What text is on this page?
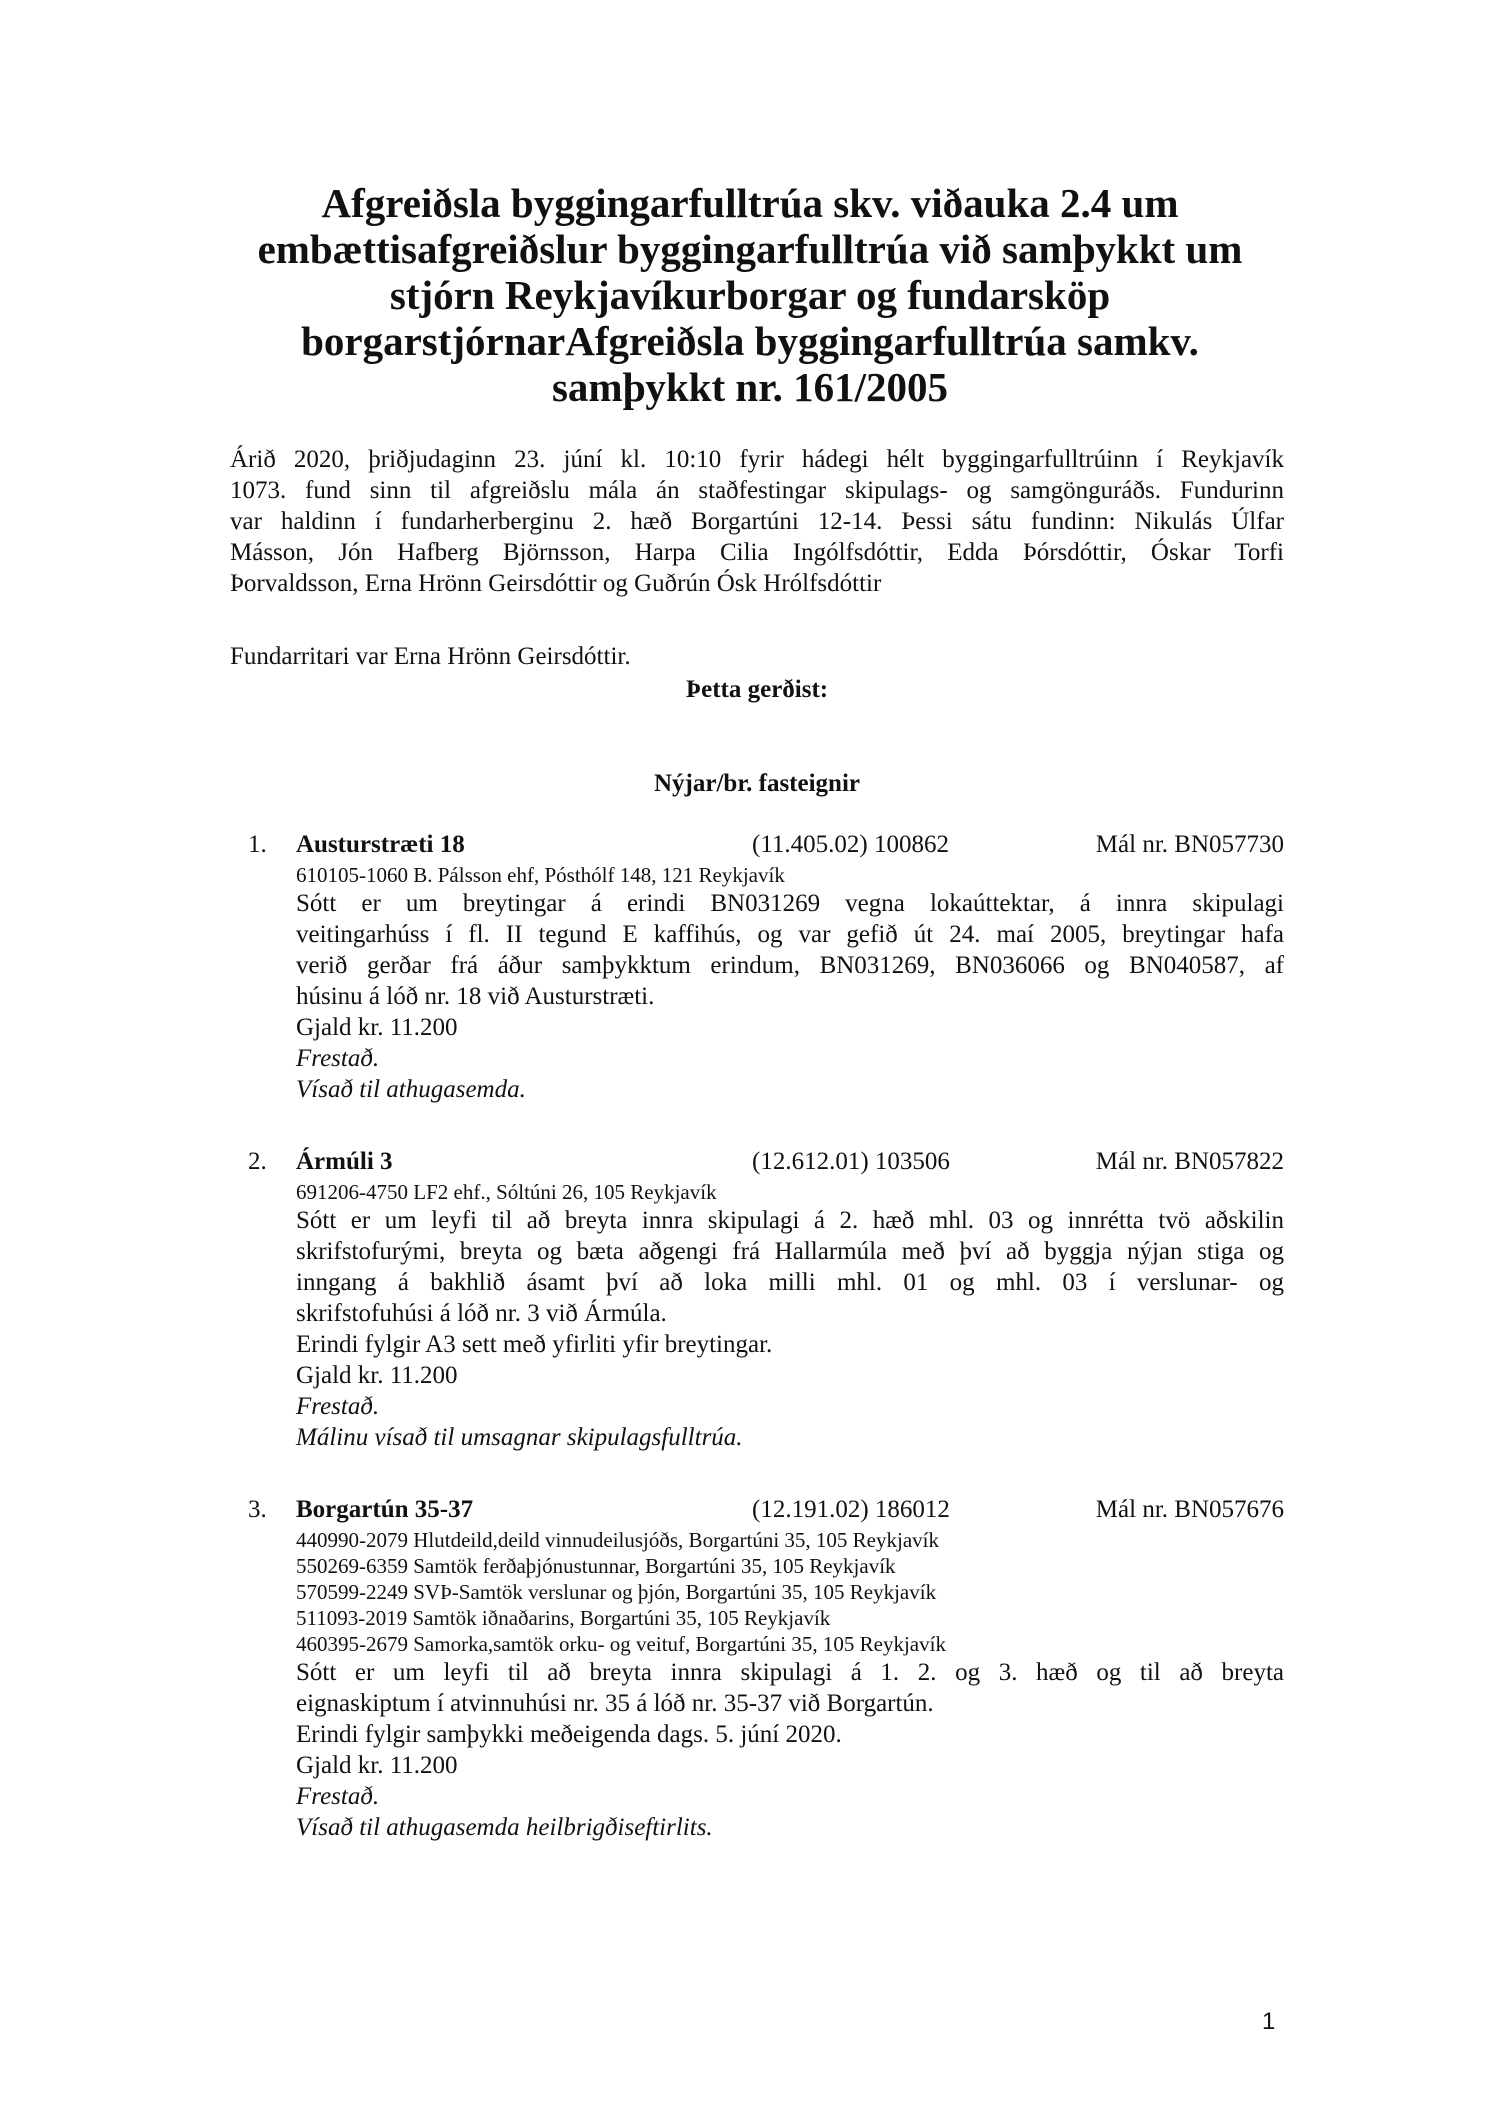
Afgreiðsla byggingarfulltrúa skv. viðauka 2.4 um
embættisafgreiðslur byggingarfulltrúa við samþykkt um
stjórn Reykjavíkurborgar og fundarsköp
borgarstjórnarAfgreiðsla byggingarfulltrúa samkv.
samþykkt nr. 161/2005
Árið 2020, þriðjudaginn 23. júní kl. 10:10 fyrir hádegi hélt byggingarfulltrúinn í Reykjavík
1073. fund sinn til afgreiðslu mála án staðfestingar skipulags- og samgönguráðs. Fundurinn
var haldinn í fundarherberginu 2. hæð Borgartúni 12-14. Þessi sátu fundinn: Nikulás Úlfar
Másson, Jón Hafberg Björnsson, Harpa Cilia Ingólfsdóttir, Edda Þórsdóttir, Óskar Torfi
Þorvaldsson, Erna Hrönn Geirsdóttir og Guðrún Ósk Hrólfsdóttir
Fundarritari var Erna Hrönn Geirsdóttir.
Þetta gerðist:
Nýjar/br. fasteignir
1. Austurstræti 18	(11.405.02) 100862	Mál nr. BN057730
610105-1060 B. Pálsson ehf, Pósthólf 148, 121 Reykjavík
Sótt er um breytingar á erindi BN031269 vegna lokaúttektar, á innra skipulagi
veitingarhúss í fl. II tegund E kaffihús, og var gefið út 24. maí 2005, breytingar hafa
verið gerðar frá áður samþykktum erindum, BN031269, BN036066 og BN040587, af
húsinu á lóð nr. 18 við Austurstræti.
Gjald kr. 11.200
Frestað.
Vísað til athugasemda.
2. Ármúli 3	(12.612.01) 103506	Mál nr. BN057822
691206-4750 LF2 ehf., Sóltúni 26, 105 Reykjavík
Sótt er um leyfi til að breyta innra skipulagi á 2. hæð mhl. 03 og innrétta tvö aðskilin
skrifstofurými, breyta og bæta aðgengi frá Hallarmúla með því að byggja nýjan stiga og
inngang á bakhlið ásamt því að loka milli mhl. 01 og mhl. 03 í verslunar- og
skrifstofuhúsi á lóð nr. 3 við Ármúla.
Erindi fylgir A3 sett með yfirliti yfir breytingar.
Gjald kr. 11.200
Frestað.
Málinu vísað til umsagnar skipulagsfulltrúa.
3. Borgartún 35-37	(12.191.02) 186012	Mál nr. BN057676
440990-2079 Hlutdeild,deild vinnudeilusjóðs, Borgartúni 35, 105 Reykjavík
550269-6359 Samtök ferðaþjónustunnar, Borgartúni 35, 105 Reykjavík
570599-2249 SVÞ-Samtök verslunar og þjón, Borgartúni 35, 105 Reykjavík
511093-2019 Samtök iðnaðarins, Borgartúni 35, 105 Reykjavík
460395-2679 Samorka,samtök orku- og veituf, Borgartúni 35, 105 Reykjavík
Sótt er um leyfi til að breyta innra skipulagi á 1. 2. og 3. hæð og til að breyta
eignaskiptum í atvinnuhúsi nr. 35 á lóð nr. 35-37 við Borgartún.
Erindi fylgir samþykki meðeigenda dags. 5. júní 2020.
Gjald kr. 11.200
Frestað.
Vísað til athugasemda heilbrigðiseftirlits.
1
